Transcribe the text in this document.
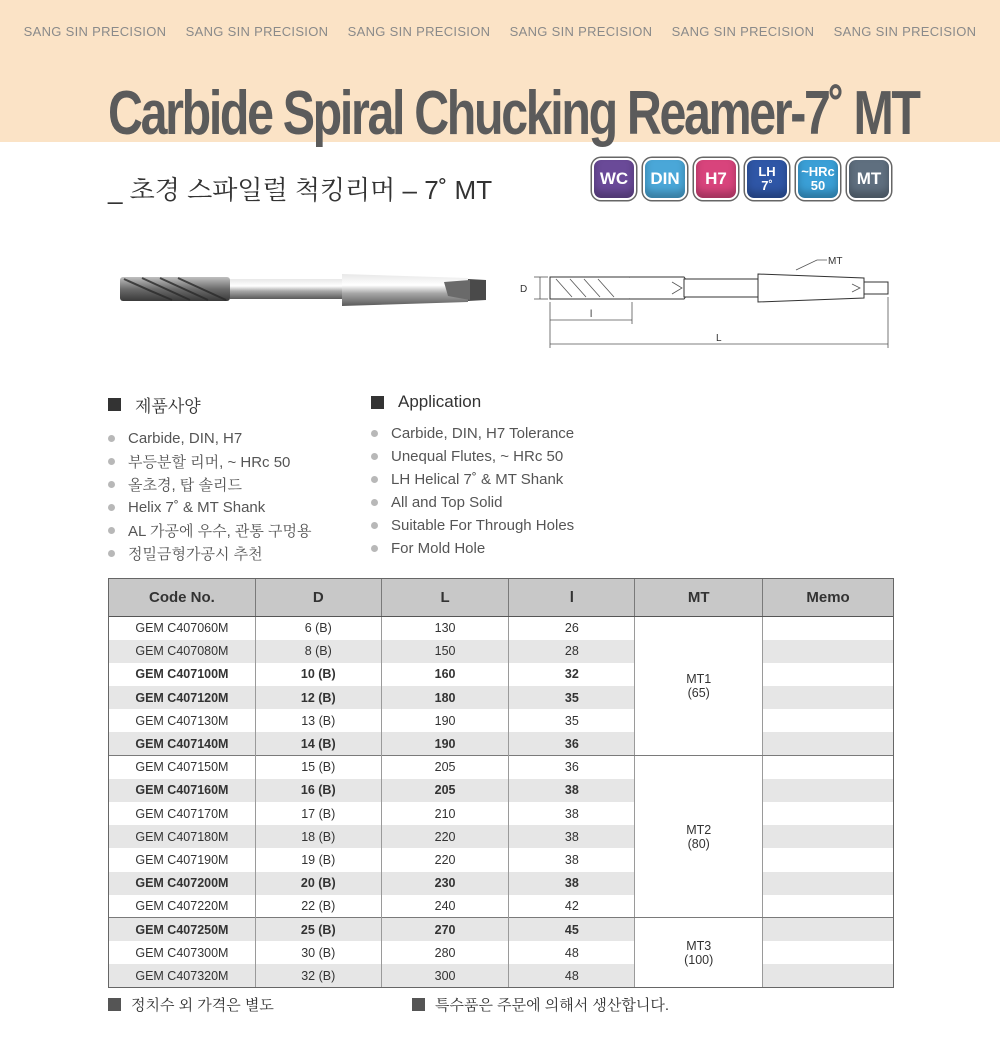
SANG SIN PRECISION SANG SIN PRECISION SANG SIN PRECISION SANG SIN PRECISION SANG SIN PRECISION SANG SIN PRECISION
Carbide Spiral Chucking Reamer-7˚ MT
_ 초경 스파일럴 척킹리머 – 7˚ MT	WC DIN H7 LH
7˚
~HRc
50 MT
MT
D
l
L
제품사양
Carbide, DIN, H7
부등분할 리머, ~ HRc 50
올초경, 탑 솔리드
Helix 7˚ & MT Shank
AL 가공에 우수, 관통 구멍용
정밀금형가공시 추천
Application
Carbide, DIN, H7 Tolerance
Unequal Flutes, ~ HRc 50
LH Helical 7˚ & MT Shank
All and Top Solid
Suitable For Through Holes
For Mold Hole
Code No.	D	L	l	MT	Memo
GEM C407060M	6 (B)	130	26	MT1
(65)	

GEM C407080M	8 (B)	150	28		
GEM C407100M	10 (B)	160	32		
GEM C407120M	12 (B)	180	35		
GEM C407130M	13 (B)	190	35		
GEM C407140M	14 (B)	190	36		
GEM C407150M	15 (B)	205	36	MT2
(80)	

GEM C407160M	16 (B)	205	38		
GEM C407170M	17 (B)	210	38		
GEM C407180M	18 (B)	220	38		
GEM C407190M	19 (B)	220	38		
GEM C407200M	20 (B)	230	38		
GEM C407220M	22 (B)	240	42		
GEM C407250M	25 (B)	270	45	MT3
(100)	

GEM C407300M	30 (B)	280	48		
GEM C407320M	32 (B)	300	48		
정치수 외 가격은 별도	특수품은 주문에 의해서 생산합니다.
